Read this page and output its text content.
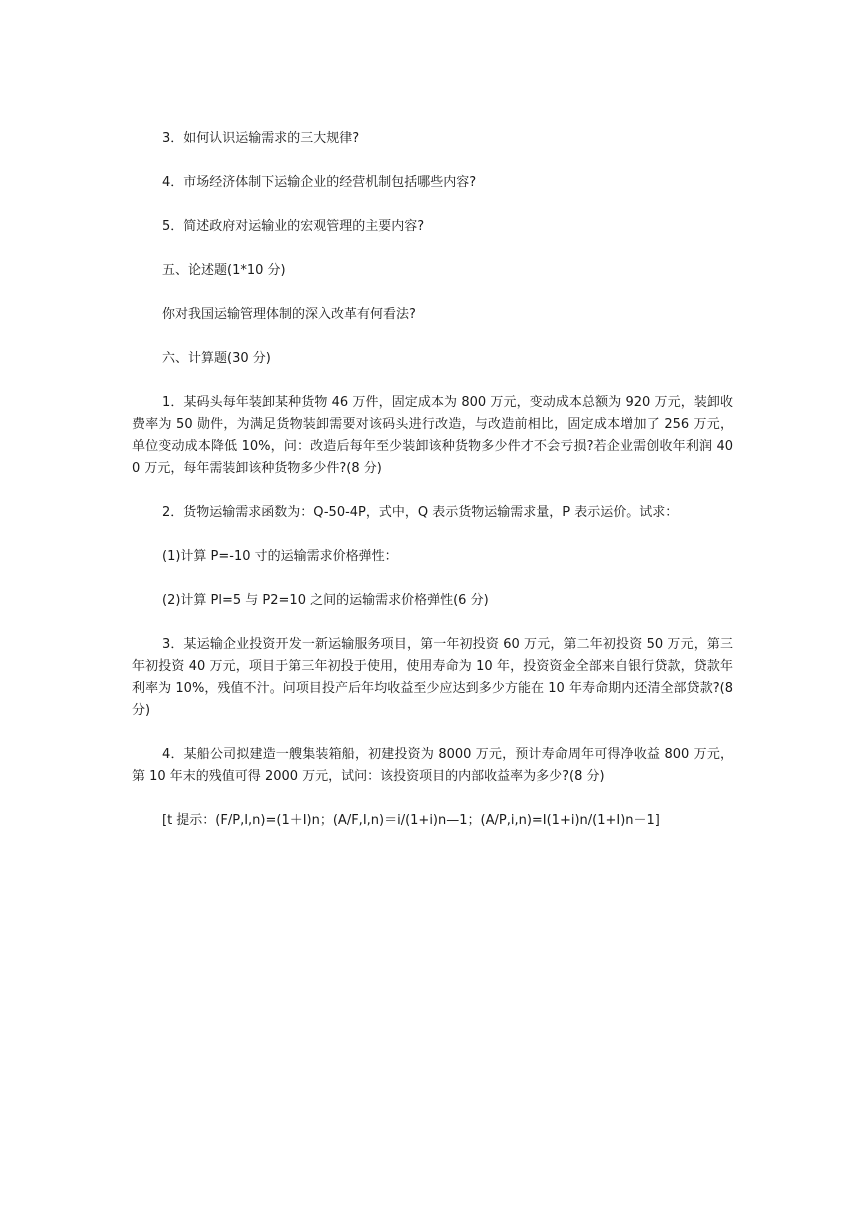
3．如何认识运输需求的三大规律?

4．市场经济体制下运输企业的经营机制包括哪些内容?

5．简述政府对运输业的宏观管理的主要内容?

五、论述题(1*10 分)

你对我国运输管理体制的深入改革有何看法?

六、计算题(30 分)

1．某码头每年装卸某种货物 46 万件，固定成本为 800 万元，变动成本总额为 920 万元，装卸收费率为 50 勋件，为满足货物装卸需要对该码头进行改造，与改造前相比，固定成本增加了 256 万元，单位变动成本降低 10%，问：改造后每年至少装卸该种货物多少件才不会亏损?若企业需创收年利润 400 万元，每年需装卸该种货物多少件?(8 分)

2．货物运输需求函数为：Q-50-4P，式中，Q 表示货物运输需求量，P 表示运价。试求：

(1)计算 P=-10 寸的运输需求价格弹性：

(2)计算 Pl=5 与 P2=10 之间的运输需求价格弹性(6 分)

3．某运输企业投资开发一新运输服务项目，第一年初投资 60 万元，第二年初投资 50 万元，第三年初投资 40 万元，项目于第三年初投于使用，使用寿命为 10 年，投资资金全部来自银行贷款，贷款年利率为 10%，残值不汁。问项目投产后年均收益至少应达到多少方能在 10 年寿命期内还清全部贷款?(8 分)

4．某船公司拟建造一艘集装箱船，初建投资为 8000 万元，预计寿命周年可得净收益 800 万元，第 10 年末的残值可得 2000 万元，试问：该投资项目的内部收益率为多少?(8 分)

[t 提示：(F/P,I,n)=(1＋I)n；(A/F,I,n)＝i/(1+i)n—1；(A/P,i,n)=I(1+i)n/(1+I)n－1]
